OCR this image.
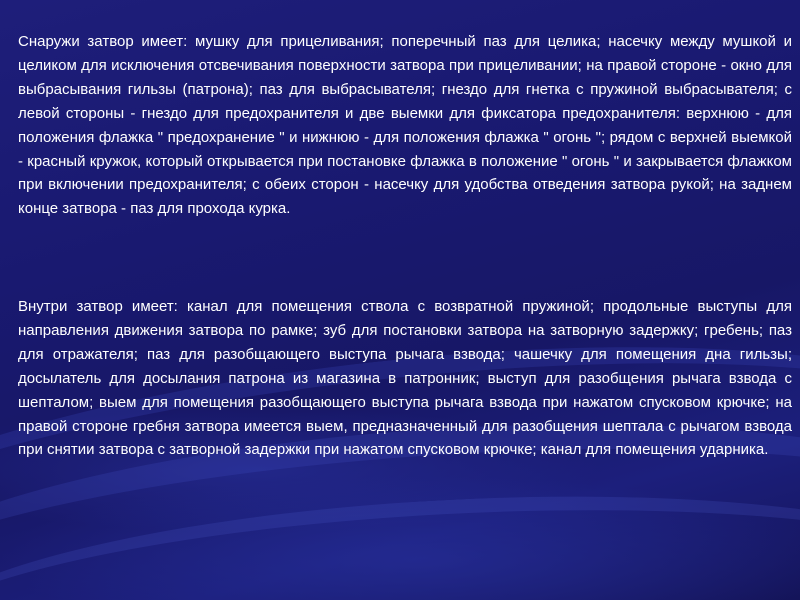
Снаружи затвор имеет: мушку для прицеливания; поперечный паз для целика; насечку между мушкой и целиком для исключения отсвечивания поверхности затвора при прицеливании; на правой стороне - окно для выбрасывания гильзы (патрона); паз для выбрасывателя; гнездо для гнетка с пружиной выбрасывателя; с левой стороны - гнездо для предохранителя и две выемки для фиксатора предохранителя: верхнюю - для положения флажка " предохранение " и нижнюю - для положения флажка " огонь "; рядом с верхней выемкой - красный кружок, который открывается при постановке флажка в положение " огонь " и закрывается флажком при включении предохранителя; с обеих сторон - насечку для удобства отведения затвора рукой; на заднем конце затвора - паз для прохода курка.

Внутри затвор имеет: канал для помещения ствола с возвратной пружиной; продольные выступы для направления движения затвора по рамке; зуб для постановки затвора на затворную задержку; гребень; паз для отражателя; паз для разобщающего выступа рычага взвода; чашечку для помещения дна гильзы; досылатель для досылания патрона из магазина в патронник; выступ для разобщения рычага взвода с шепталом; выем для помещения разобщающего выступа рычага взвода при нажатом спусковом крючке; на правой стороне гребня затвора имеется выем, предназначенный для разобщения шептала с рычагом взвода при снятии затвора с затворной задержки при нажатом спусковом крючке; канал для помещения ударника.
